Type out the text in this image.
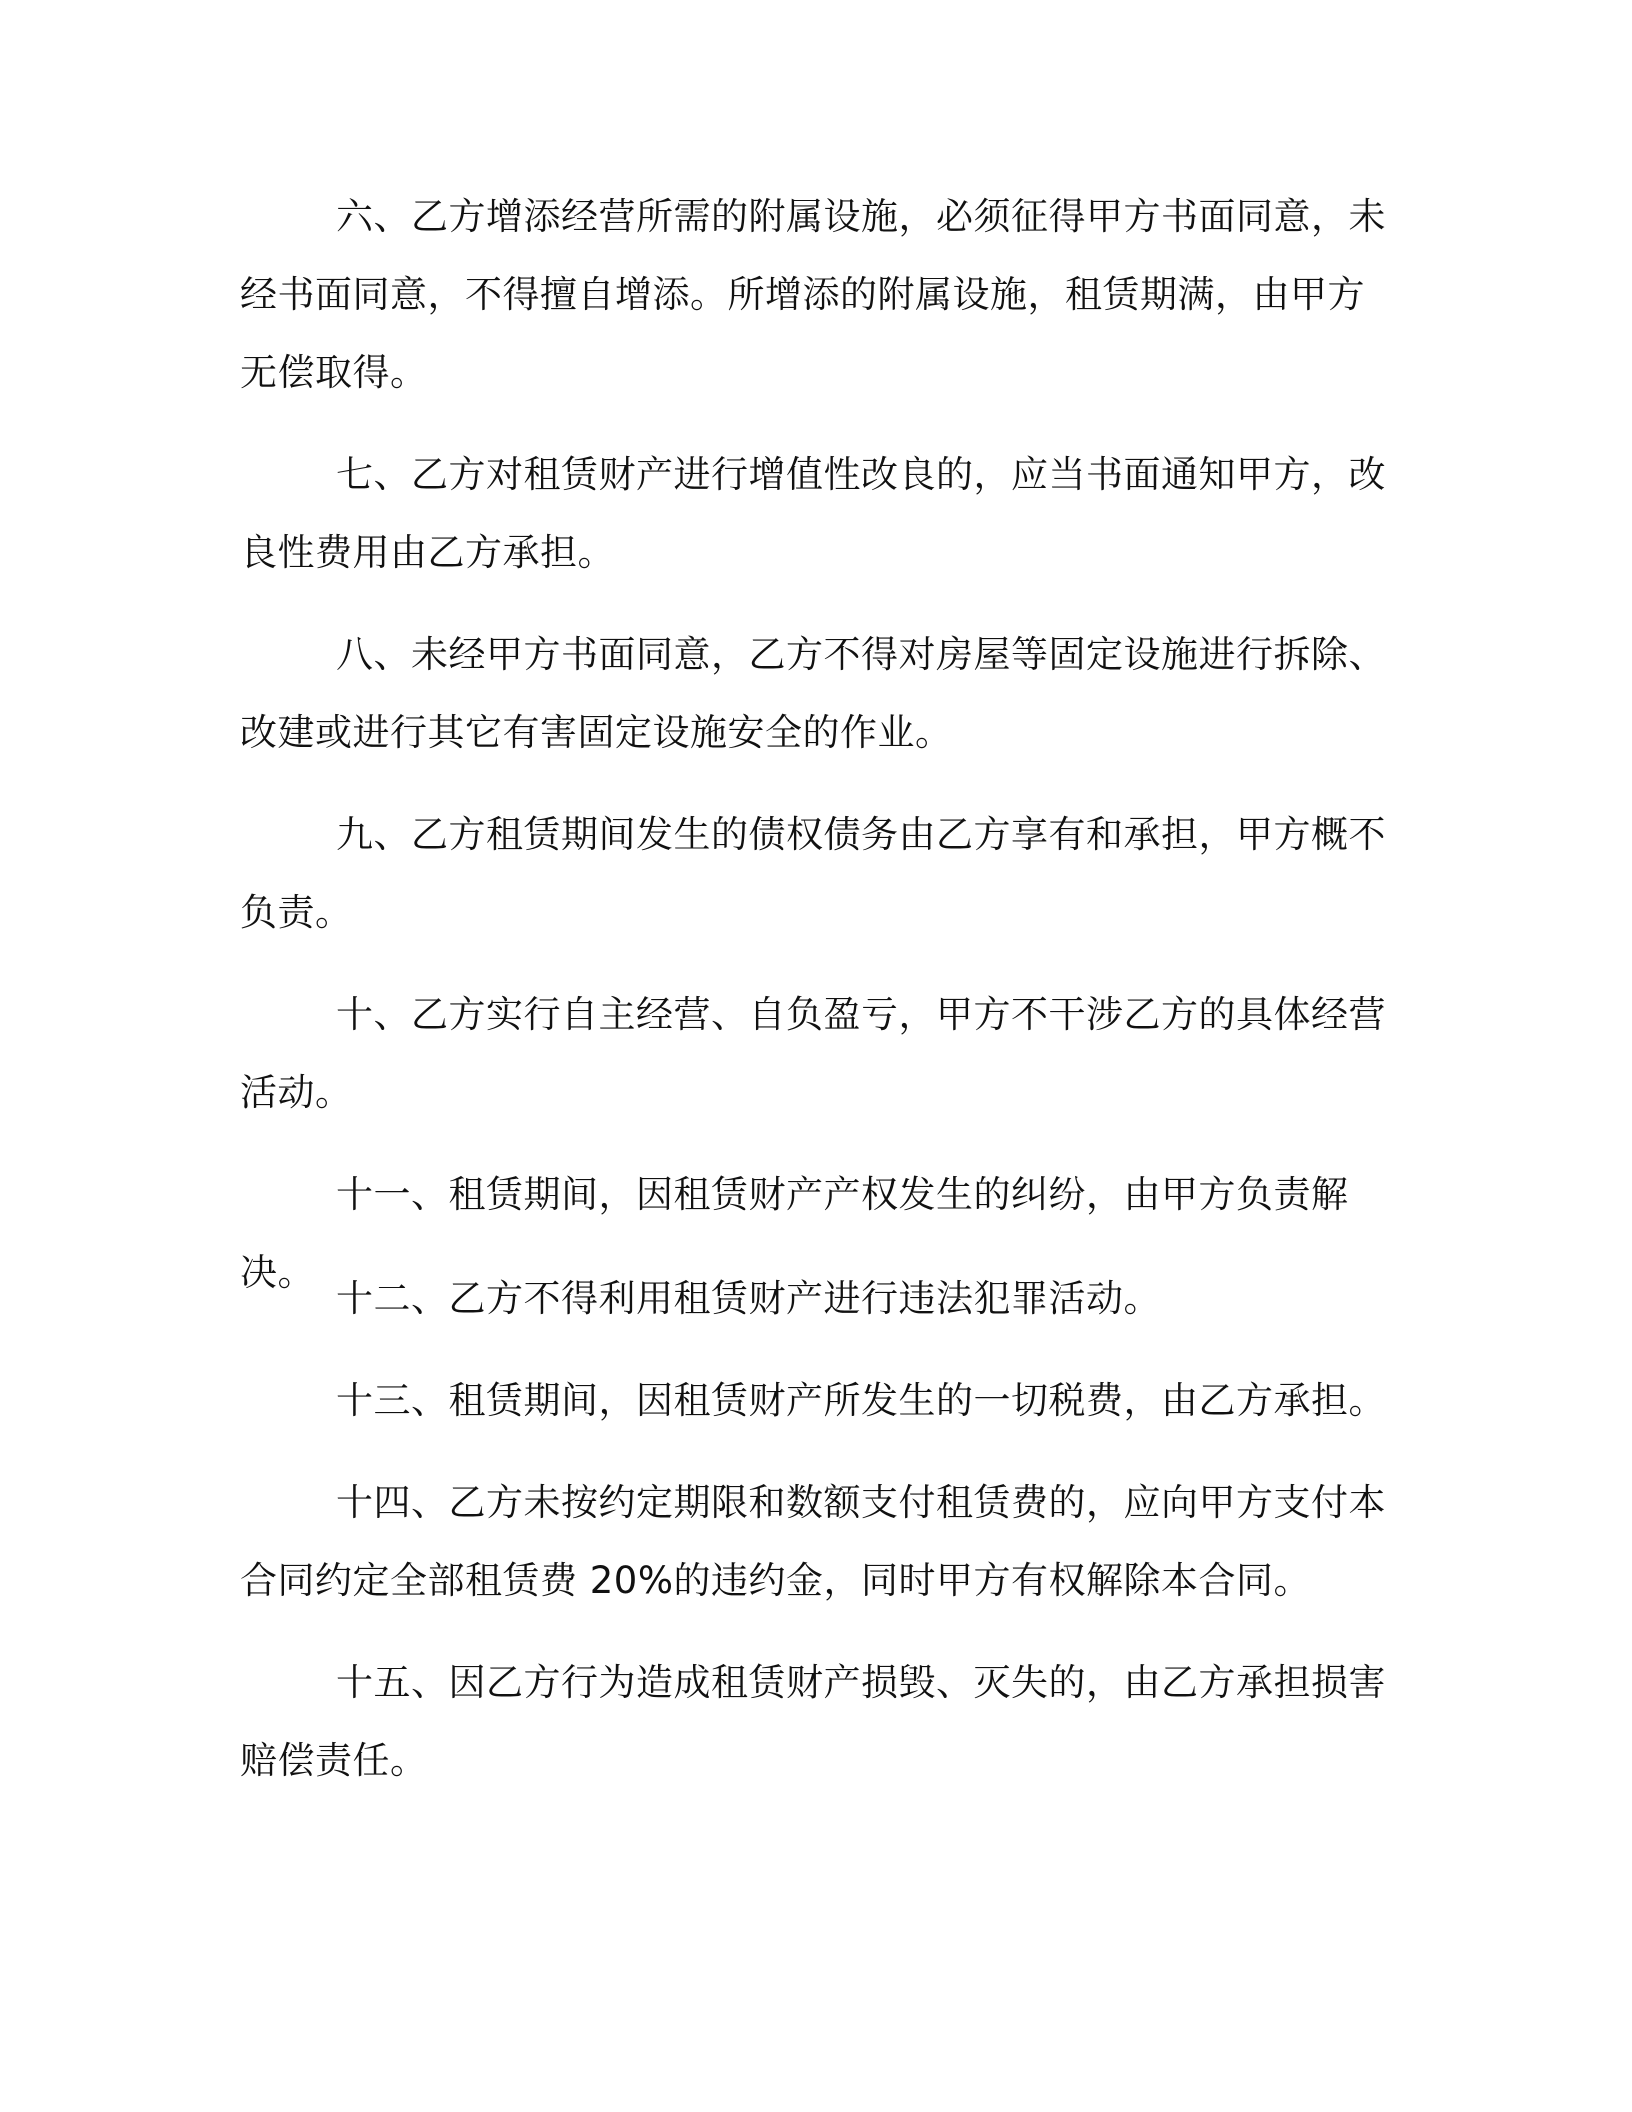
六、乙方增添经营所需的附属设施，必须征得甲方书面同意，未经书面同意，不得擅自增添。所增添的附属设施，租赁期满，由甲方无偿取得。

七、乙方对租赁财产进行增值性改良的，应当书面通知甲方，改良性费用由乙方承担。

八、未经甲方书面同意，乙方不得对房屋等固定设施进行拆除、改建或进行其它有害固定设施安全的作业。

九、乙方租赁期间发生的债权债务由乙方享有和承担，甲方概不负责。

十、乙方实行自主经营、自负盈亏，甲方不干涉乙方的具体经营活动。

十一、租赁期间，因租赁财产产权发生的纠纷，由甲方负责解决。

十二、乙方不得利用租赁财产进行违法犯罪活动。

十三、租赁期间，因租赁财产所发生的一切税费，由乙方承担。

十四、乙方未按约定期限和数额支付租赁费的，应向甲方支付本合同约定全部租赁费 20%的违约金，同时甲方有权解除本合同。

十五、因乙方行为造成租赁财产损毁、灭失的，由乙方承担损害赔偿责任。
